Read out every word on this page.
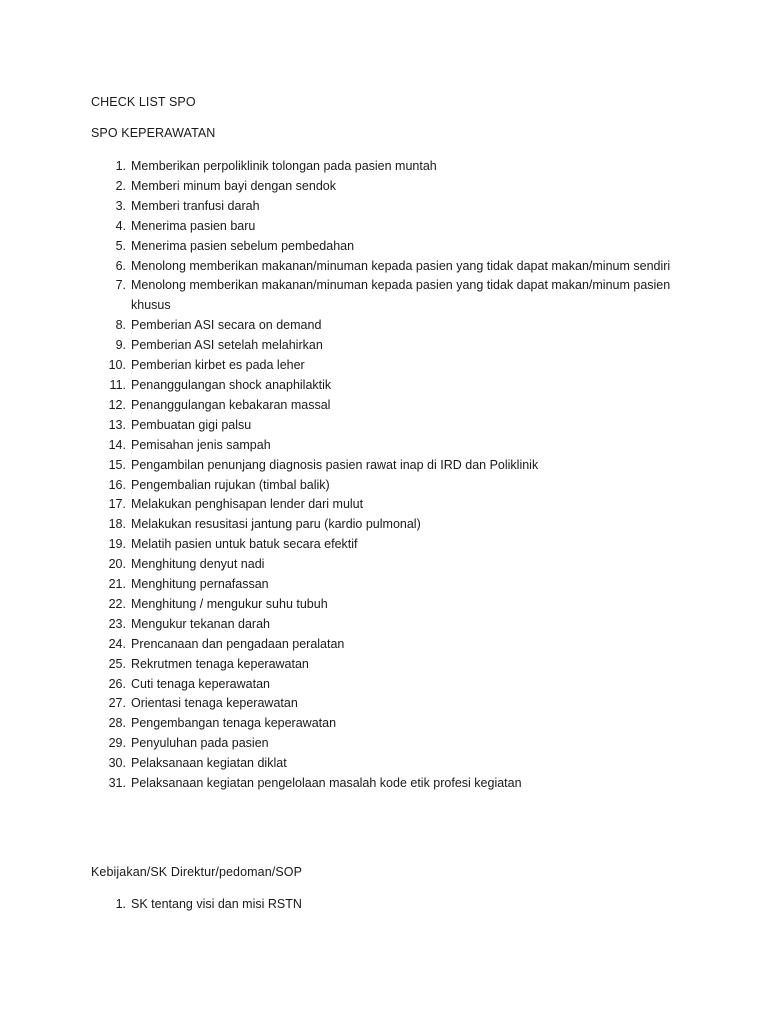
CHECK LIST SPO
SPO KEPERAWATAN
1. Memberikan perpoliklinik tolongan pada pasien muntah
2. Memberi minum bayi dengan sendok
3. Memberi tranfusi darah
4. Menerima pasien baru
5. Menerima pasien sebelum pembedahan
6. Menolong memberikan makanan/minuman kepada pasien yang tidak dapat makan/minum sendiri
7. Menolong memberikan makanan/minuman kepada pasien yang tidak dapat makan/minum pasien khusus
8. Pemberian ASI secara on demand
9. Pemberian ASI setelah melahirkan
10. Pemberian kirbet es pada leher
11. Penanggulangan shock anaphilaktik
12. Penanggulangan kebakaran massal
13. Pembuatan gigi palsu
14. Pemisahan jenis sampah
15. Pengambilan penunjang diagnosis pasien rawat inap di IRD dan Poliklinik
16. Pengembalian rujukan (timbal balik)
17. Melakukan penghisapan lender dari mulut
18. Melakukan resusitasi jantung paru (kardio pulmonal)
19. Melatih pasien untuk batuk secara efektif
20. Menghitung denyut nadi
21. Menghitung pernafassan
22. Menghitung / mengukur suhu tubuh
23. Mengukur tekanan darah
24. Prencanaan dan pengadaan peralatan
25. Rekrutmen tenaga keperawatan
26. Cuti tenaga keperawatan
27. Orientasi tenaga keperawatan
28. Pengembangan tenaga keperawatan
29. Penyuluhan pada pasien
30. Pelaksanaan kegiatan diklat
31. Pelaksanaan kegiatan pengelolaan masalah kode etik profesi kegiatan
Kebijakan/SK Direktur/pedoman/SOP
1. SK tentang visi dan misi RSTN
